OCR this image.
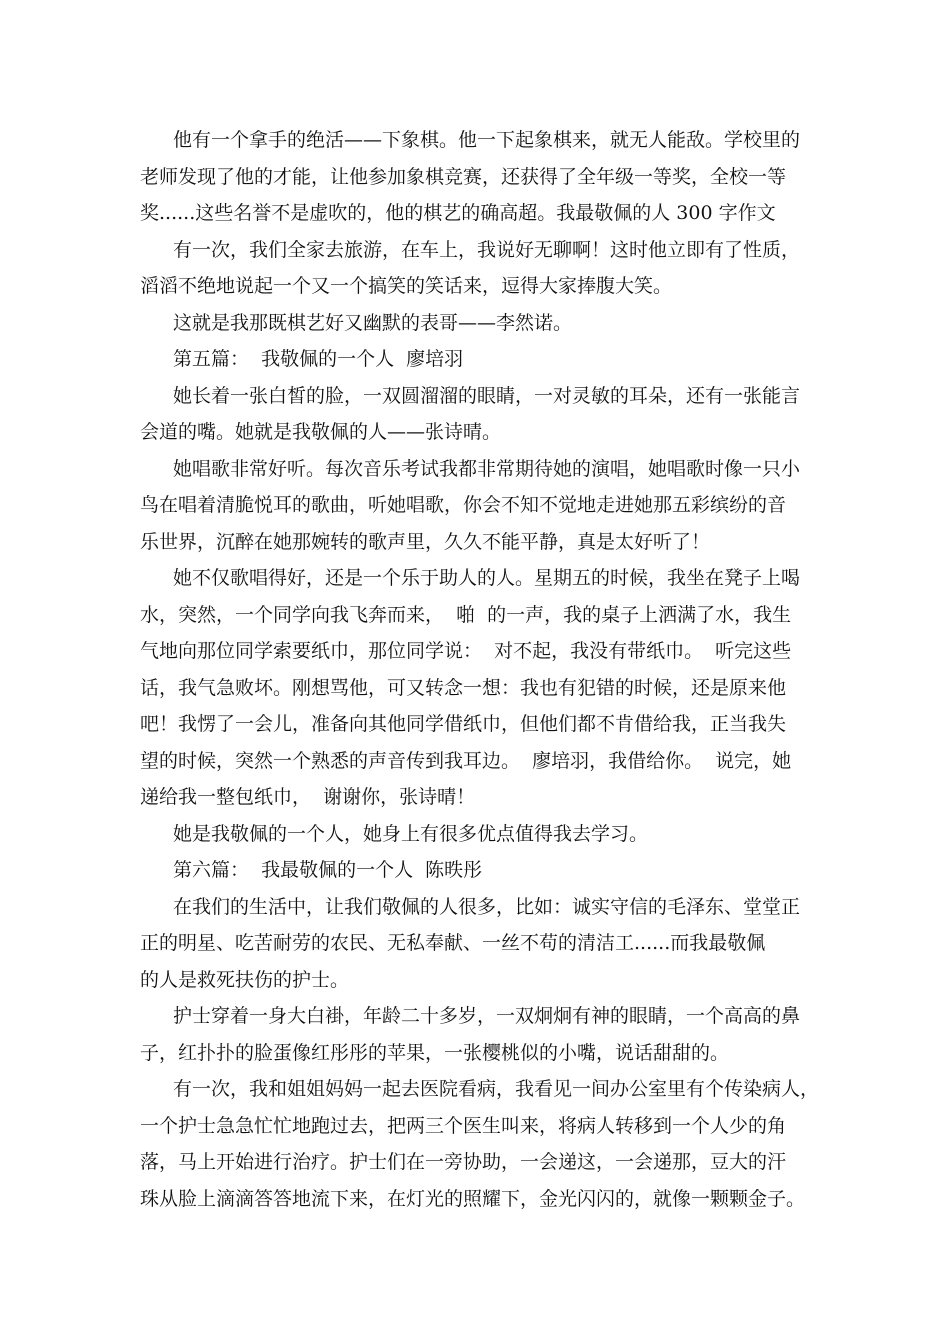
他有一个拿手的绝活——下象棋。他一下起象棋来，就无人能敌。学校里的
老师发现了他的才能，让他参加象棋竞赛，还获得了全年级一等奖，全校一等
奖......这些名誉不是虚吹的，他的棋艺的确高超。我最敬佩的人 300 字作文
有一次，我们全家去旅游，在车上，我说好无聊啊！这时他立即有了性质，
滔滔不绝地说起一个又一个搞笑的笑话来，逗得大家捧腹大笑。
这就是我那既棋艺好又幽默的表哥——李然诺。
第五篇：  我敬佩的一个人  廖培羽
她长着一张白皙的脸，一双圆溜溜的眼睛，一对灵敏的耳朵，还有一张能言
会道的嘴。她就是我敬佩的人——张诗晴。
她唱歌非常好听。每次音乐考试我都非常期待她的演唱，她唱歌时像一只小
鸟在唱着清脆悦耳的歌曲，听她唱歌，你会不知不觉地走进她那五彩缤纷的音
乐世界，沉醉在她那婉转的歌声里，久久不能平静，真是太好听了！
她不仅歌唱得好，还是一个乐于助人的人。星期五的时候，我坐在凳子上喝
水，突然，一个同学向我飞奔而来，  啪  的一声，我的桌子上洒满了水，我生
气地向那位同学索要纸巾，那位同学说：  对不起，我没有带纸巾。  听完这些
话，我气急败坏。刚想骂他，可又转念一想：我也有犯错的时候，还是原来他
吧！我愣了一会儿，准备向其他同学借纸巾，但他们都不肯借给我，正当我失
望的时候，突然一个熟悉的声音传到我耳边。  廖培羽，我借给你。  说完，她
递给我一整包纸巾，  谢谢你，张诗晴！
她是我敬佩的一个人，她身上有很多优点值得我去学习。
第六篇：  我最敬佩的一个人  陈昳彤
在我们的生活中，让我们敬佩的人很多，比如：诚实守信的毛泽东、堂堂正
正的明星、吃苦耐劳的农民、无私奉献、一丝不苟的清洁工......而我最敬佩
的人是救死扶伤的护士。
护士穿着一身大白褂，年龄二十多岁，一双炯炯有神的眼睛，一个高高的鼻
子，红扑扑的脸蛋像红彤彤的苹果，一张樱桃似的小嘴，说话甜甜的。
有一次，我和姐姐妈妈一起去医院看病，我看见一间办公室里有个传染病人，
一个护士急急忙忙地跑过去，把两三个医生叫来，将病人转移到一个人少的角
落，马上开始进行治疗。护士们在一旁协助，一会递这，一会递那，豆大的汗
珠从脸上滴滴答答地流下来，在灯光的照耀下，金光闪闪的，就像一颗颗金子。
